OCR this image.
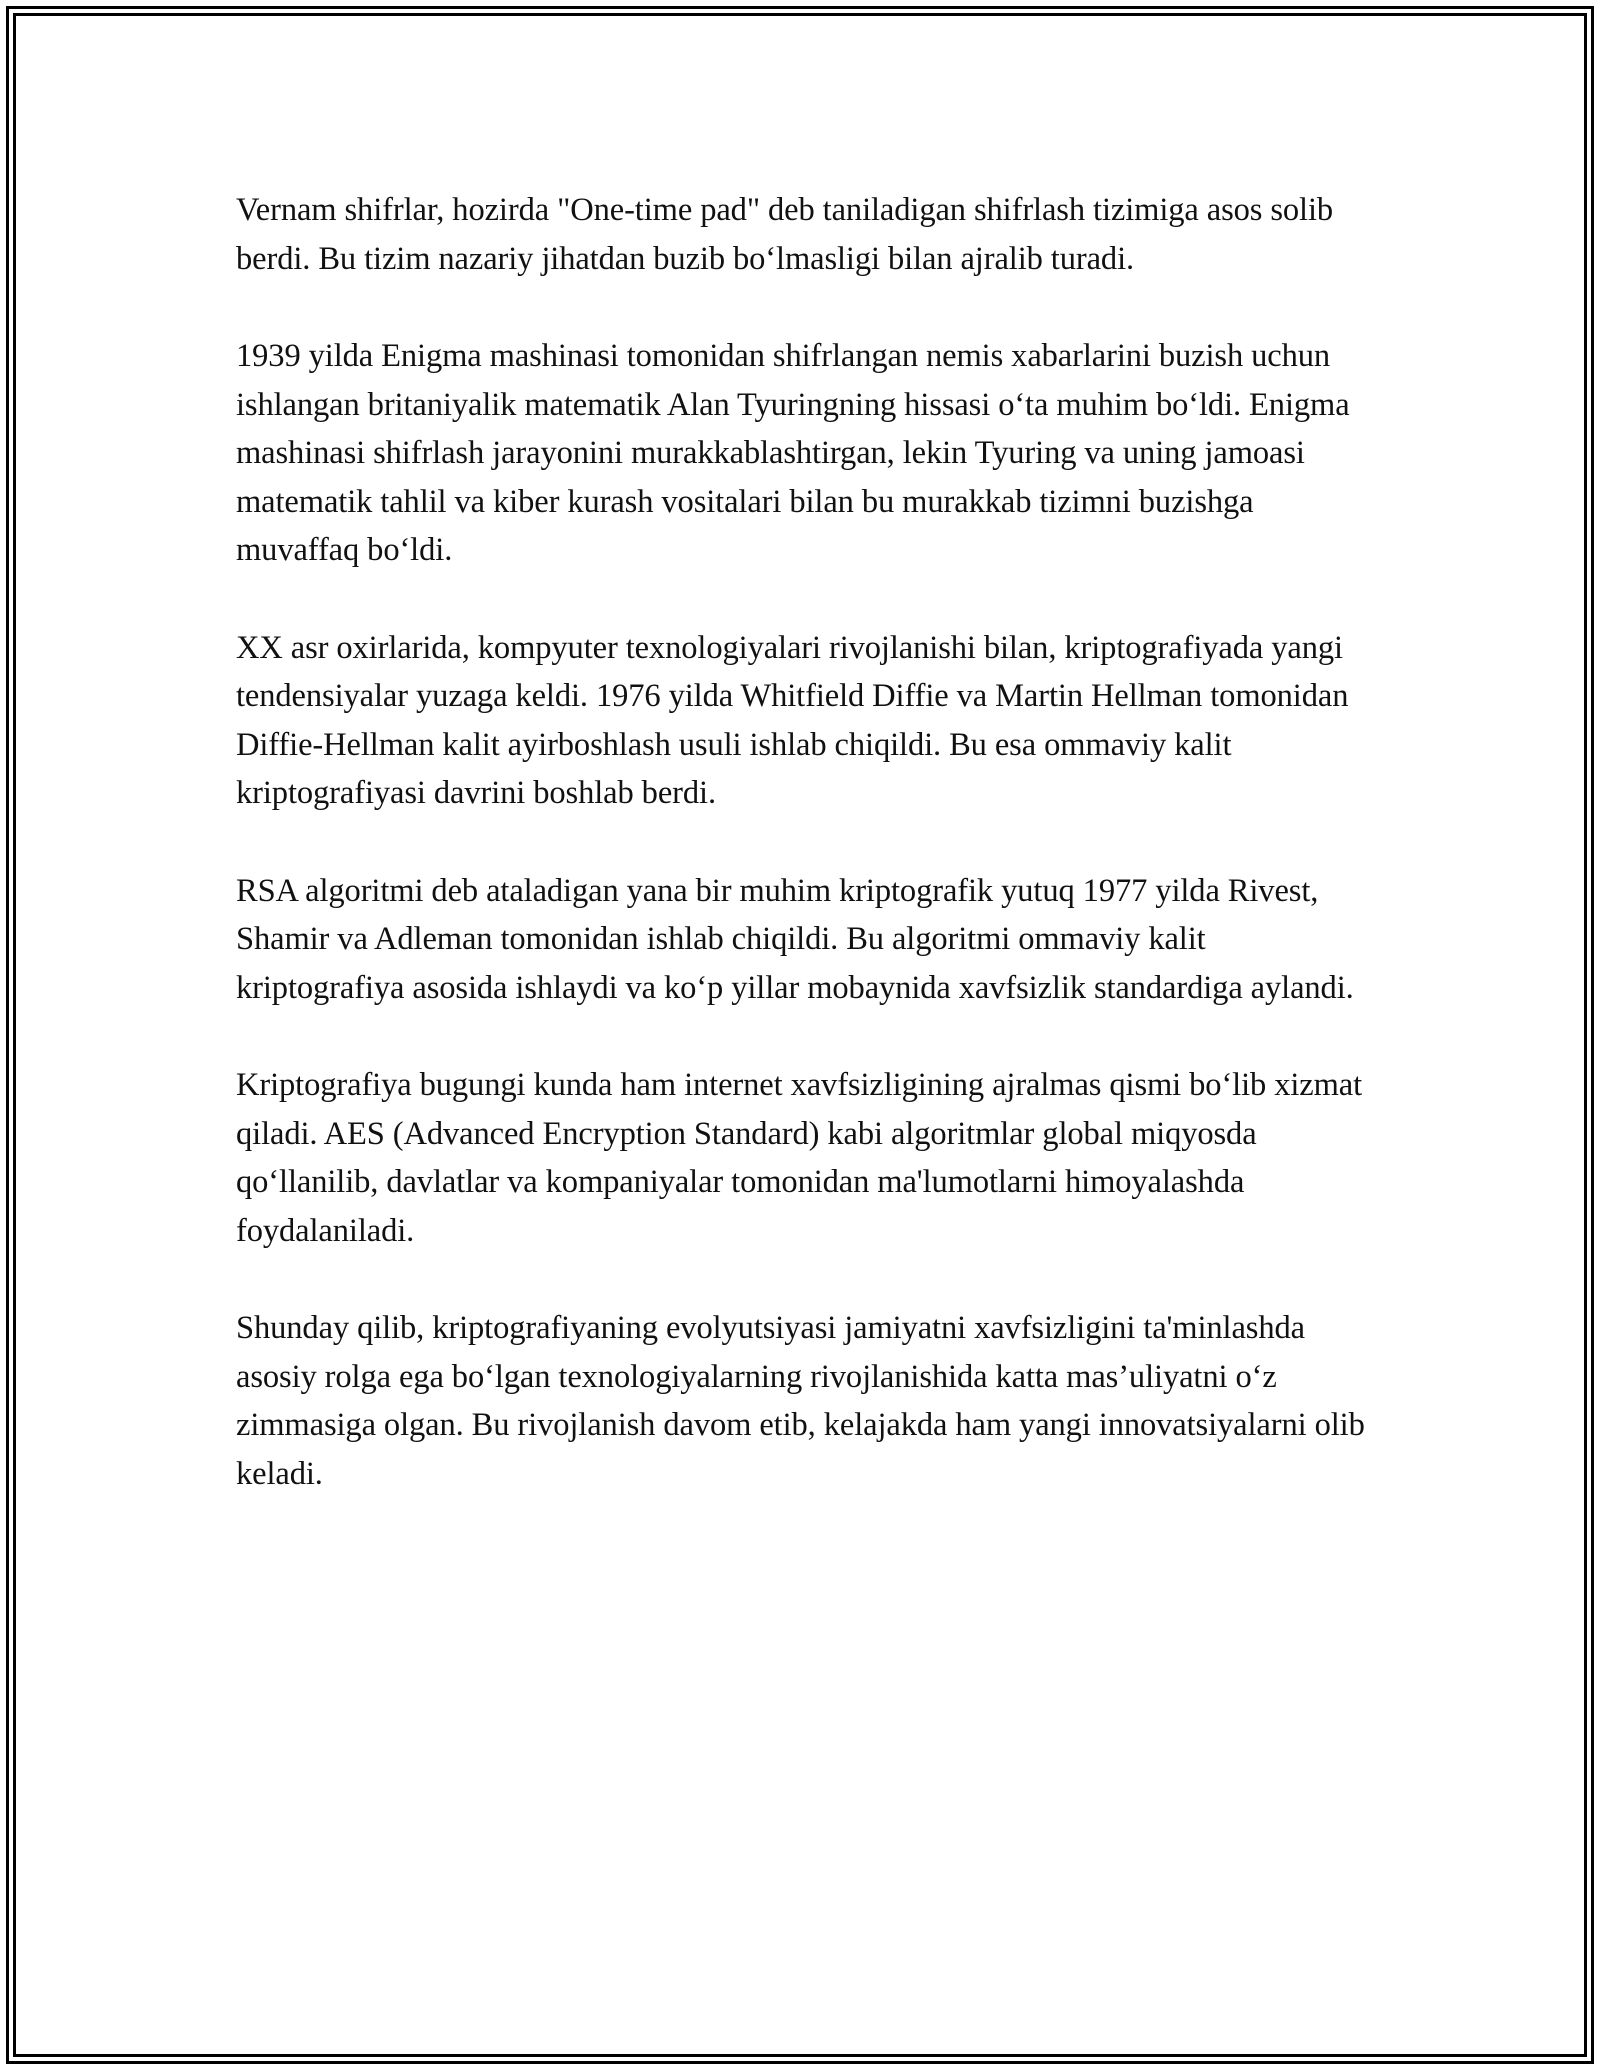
Vernam shifrlar, hozirda "One-time pad" deb taniladigan shifrlash tizimiga asos solib berdi. Bu tizim nazariy jihatdan buzib bo‘lmasligi bilan ajralib turadi.

1939 yilda Enigma mashinasi tomonidan shifrlangan nemis xabarlarini buzish uchun ishlangan britaniyalik matematik Alan Tyuringning hissasi o‘ta muhim bo‘ldi. Enigma mashinasi shifrlash jarayonini murakkablashtirgan, lekin Tyuring va uning jamoasi matematik tahlil va kiber kurash vositalari bilan bu murakkab tizimni buzishga muvaffaq bo‘ldi.

XX asr oxirlarida, kompyuter texnologiyalari rivojlanishi bilan, kriptografiyada yangi tendensiyalar yuzaga keldi. 1976 yilda Whitfield Diffie va Martin Hellman tomonidan Diffie-Hellman kalit ayirboshlash usuli ishlab chiqildi. Bu esa ommaviy kalit kriptografiyasi davrini boshlab berdi.

RSA algoritmi deb ataladigan yana bir muhim kriptografik yutuq 1977 yilda Rivest, Shamir va Adleman tomonidan ishlab chiqildi. Bu algoritmi ommaviy kalit kriptografiya asosida ishlaydi va ko‘p yillar mobaynida xavfsizlik standardiga aylandi.

Kriptografiya bugungi kunda ham internet xavfsizligining ajralmas qismi bo‘lib xizmat qiladi. AES (Advanced Encryption Standard) kabi algoritmlar global miqyosda qo‘llanilib, davlatlar va kompaniyalar tomonidan ma'lumotlarni himoyalashda foydalaniladi.

Shunday qilib, kriptografiyaning evolyutsiyasi jamiyatni xavfsizligini ta'minlashda asosiy rolga ega bo‘lgan texnologiyalarning rivojlanishida katta mas’uliyatni o‘z zimmasiga olgan. Bu rivojlanish davom etib, kelajakda ham yangi innovatsiyalarni olib keladi.
